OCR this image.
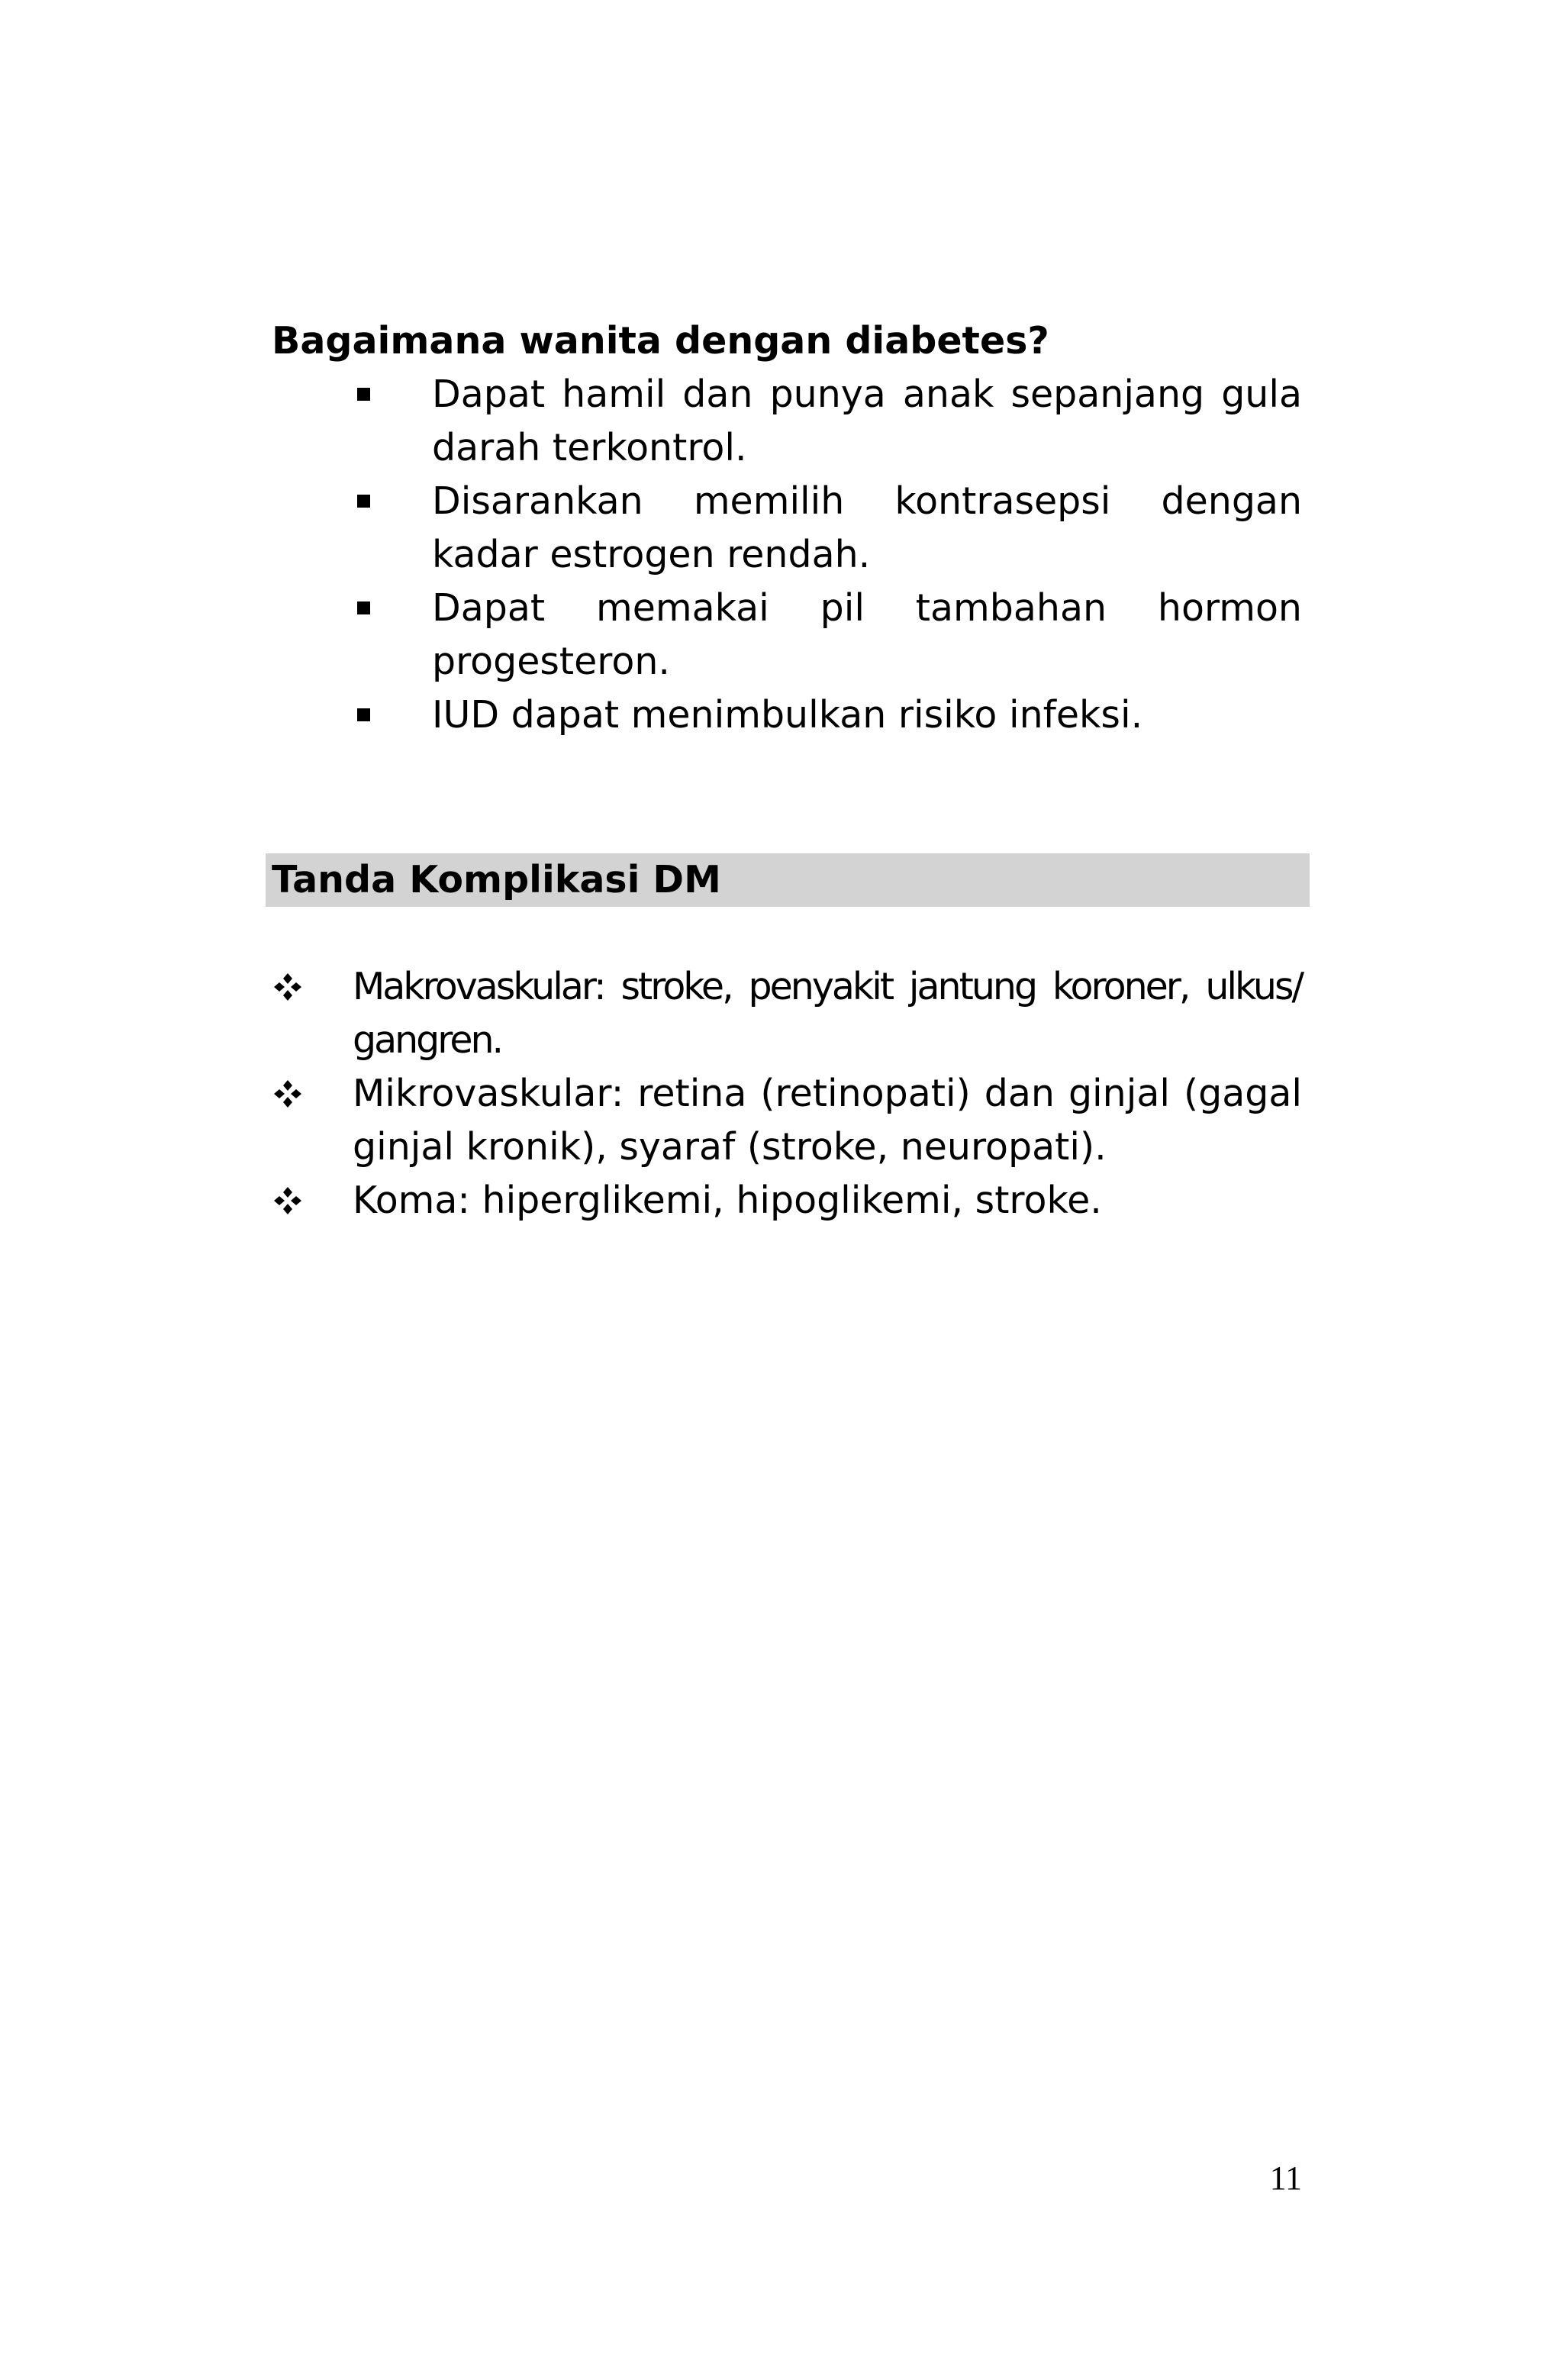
Bagaimana wanita dengan diabetes?
Dapat hamil dan punya anak sepanjang gula darah terkontrol.
Disarankan memilih kontrasepsi dengan kadar estrogen rendah.
Dapat memakai pil tambahan hormon progesteron.
IUD dapat menimbulkan risiko infeksi.
Tanda Komplikasi DM
Makrovaskular: stroke, penyakit jantung koroner, ulkus/ gangren.
Mikrovaskular: retina (retinopati) dan ginjal (gagal ginjal kronik), syaraf (stroke, neuropati).
Koma: hiperglikemi, hipoglikemi, stroke.
11
